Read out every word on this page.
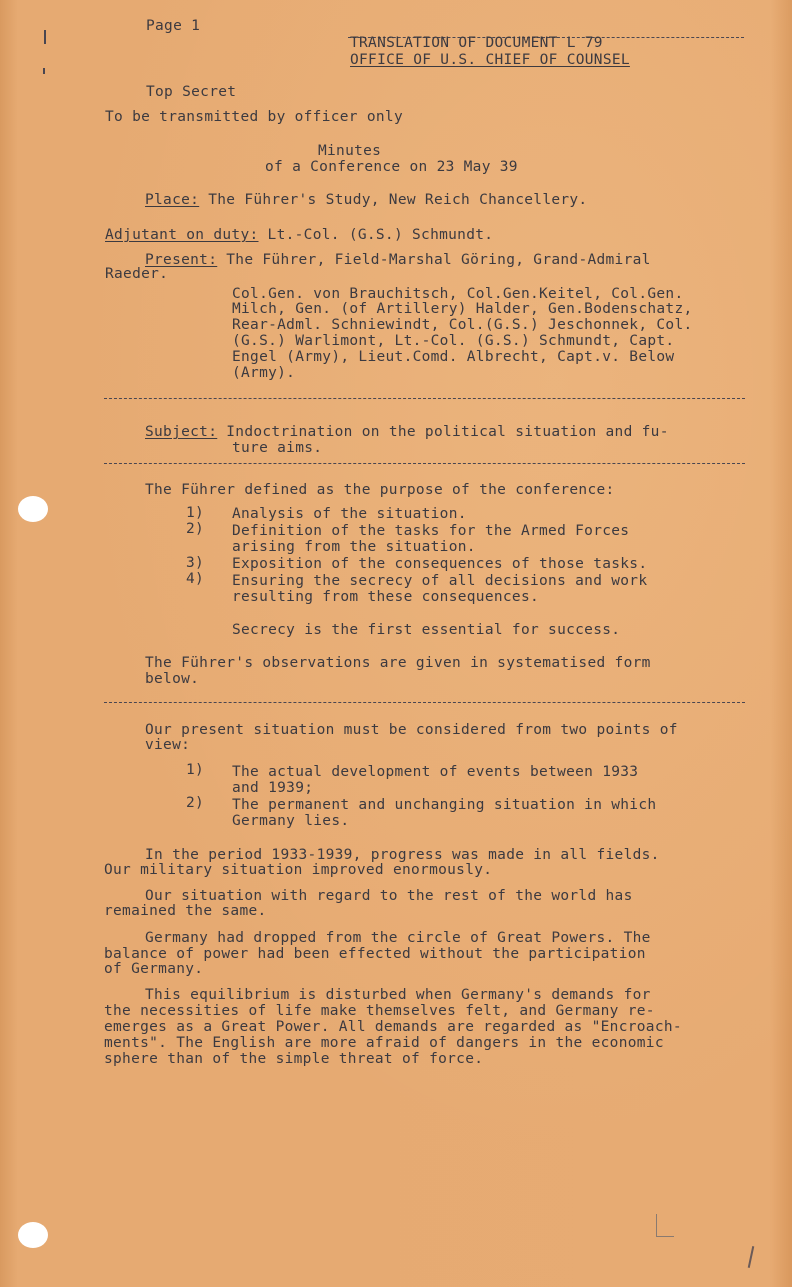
Page 1
TRANSLATION OF DOCUMENT L 79
OFFICE OF U.S. CHIEF OF COUNSEL
Top Secret
To be transmitted by officer only
Minutes
of a Conference on 23 May 39
Place: The Führer's Study, New Reich Chancellery.
Adjutant on duty: Lt.-Col. (G.S.) Schmundt.
Present: The Führer, Field-Marshal Göring, Grand-Admiral
Raeder.
Col.Gen. von Brauchitsch, Col.Gen.Keitel, Col.Gen.
Milch, Gen. (of Artillery) Halder, Gen.Bodenschatz,
Rear-Adml. Schniewindt, Col.(G.S.) Jeschonnek, Col.
(G.S.) Warlimont, Lt.-Col. (G.S.) Schmundt, Capt.
Engel (Army), Lieut.Comd. Albrecht, Capt.v. Below
(Army).
Subject: Indoctrination on the political situation and fu-
ture aims.
The Führer defined as the purpose of the conference:
1) Analysis of the situation.
2) Definition of the tasks for the Armed Forces
arising from the situation.
3) Exposition of the consequences of those tasks.
4) Ensuring the secrecy of all decisions and work
resulting from these consequences.
Secrecy is the first essential for success.
The Führer's observations are given in systematised form
below.
Our present situation must be considered from two points of
view:
1) The actual development of events between 1933
and 1939;
2) The permanent and unchanging situation in which
Germany lies.
In the period 1933-1939, progress was made in all fields.
Our military situation improved enormously.
Our situation with regard to the rest of the world has
remained the same.
Germany had dropped from the circle of Great Powers. The
balance of power had been effected without the participation
of Germany.
This equilibrium is disturbed when Germany's demands for
the necessities of life make themselves felt, and Germany re-
emerges as a Great Power. All demands are regarded as "Encroach-
ments". The English are more afraid of dangers in the economic
sphere than of the simple threat of force.
